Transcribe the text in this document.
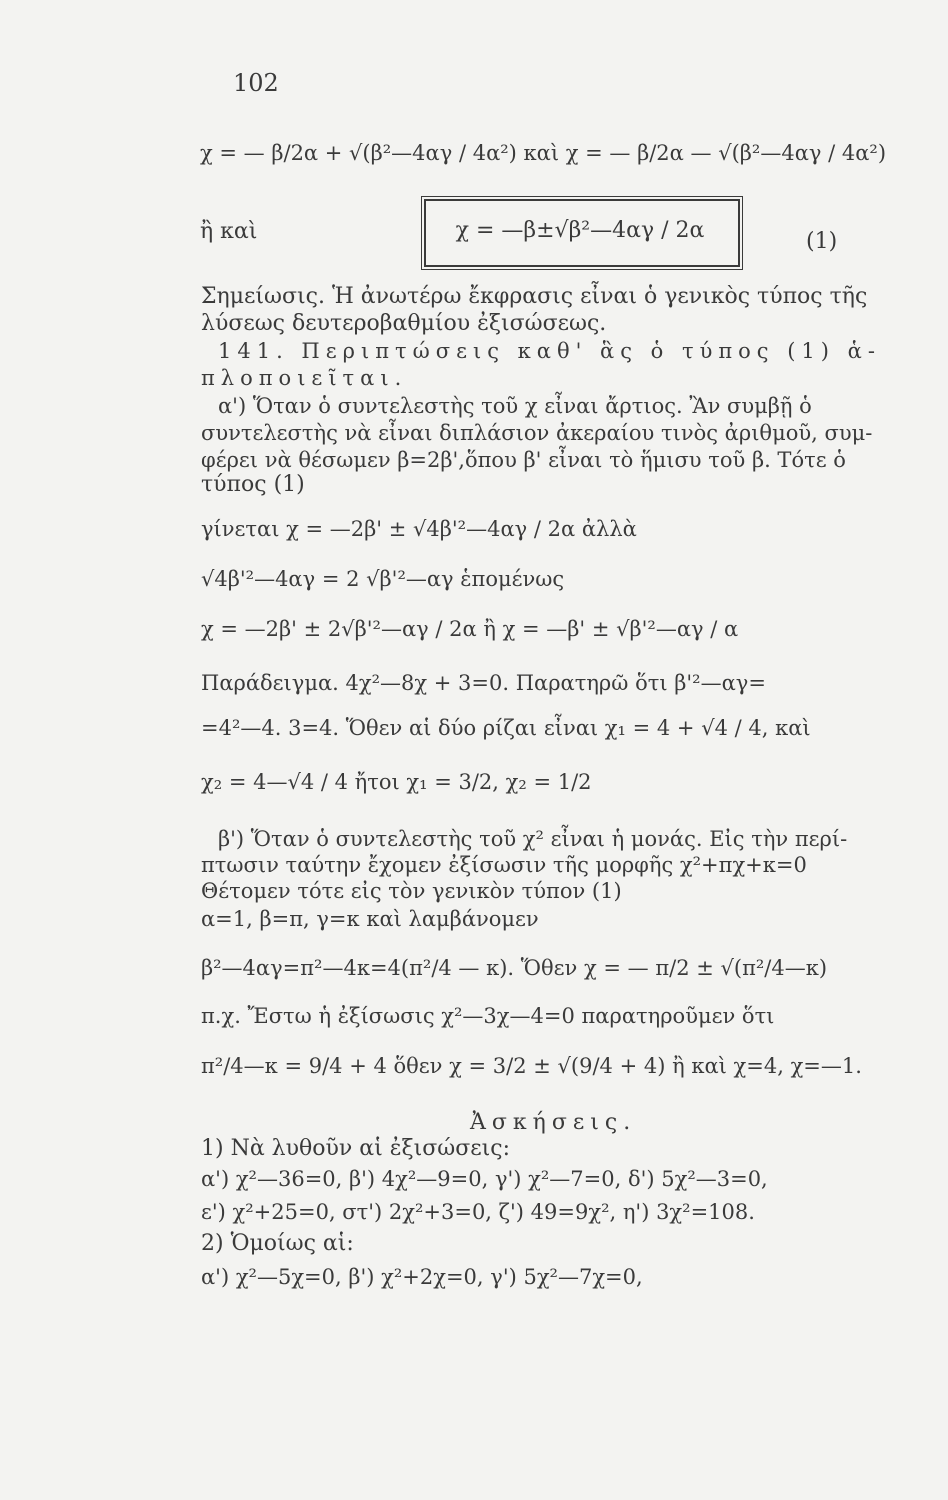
102
χ = — β/2α + √(β²—4αγ / 4α²) καὶ χ = — β/2α — √(β²—4αγ / 4α²)
ἢ καὶ	χ = —β±√β²—4αγ / 2α	(1)
Σημείωσις. Ἡ ἀνωτέρω ἔκφρασις εἶναι ὁ γενικὸς τύπος τῆς
λύσεως δευτεροβαθμίου ἐξισώσεως.
141. Περιπτώσεις καθ' ἃς ὁ τύπος (1) ἁ-
πλοποιεῖται.
α') Ὅταν ὁ συντελεστὴς τοῦ χ εἶναι ἄρτιος. Ἂν συμβῇ ὁ
συντελεστὴς νὰ εἶναι διπλάσιον ἀκεραίου τινὸς ἀριθμοῦ, συμ-
φέρει νὰ θέσωμεν β=2β',ὅπου β' εἶναι τὸ ἥμισυ τοῦ β. Τότε ὁ
τύπος (1)
γίνεται χ = —2β' ± √4β'²—4αγ / 2α ἀλλὰ
√4β'²—4αγ = 2 √β'²—αγ ἑπομένως
χ = —2β' ± 2√β'²—αγ / 2α ἢ χ = —β' ± √β'²—αγ / α
Παράδειγμα. 4χ²—8χ + 3=0. Παρατηρῶ ὅτι β'²—αγ=
=4²—4. 3=4. Ὅθεν αἱ δύο ρίζαι εἶναι χ₁ = 4 + √4 / 4, καὶ
χ₂ = 4—√4 / 4 ἤτοι χ₁ = 3/2, χ₂ = 1/2
β') Ὅταν ὁ συντελεστὴς τοῦ χ² εἶναι ἡ μονάς. Εἰς τὴν περί-
πτωσιν ταύτην ἔχομεν ἐξίσωσιν τῆς μορφῆς χ²+πχ+κ=0
Θέτομεν τότε εἰς τὸν γενικὸν τύπον (1)
α=1, β=π, γ=κ καὶ λαμβάνομεν
β²—4αγ=π²—4κ=4(π²/4 — κ). Ὅθεν χ = — π/2 ± √(π²/4—κ)
π.χ. Ἔστω ἡ ἐξίσωσις χ²—3χ—4=0 παρατηροῦμεν ὅτι
π²/4—κ = 9/4 + 4 ὅθεν χ = 3/2 ± √(9/4 + 4) ἢ καὶ χ=4, χ=—1.
Ἀσκήσεις.
1) Νὰ λυθοῦν αἱ ἐξισώσεις:
α') χ²—36=0, β') 4χ²—9=0, γ') χ²—7=0, δ') 5χ²—3=0,
ε') χ²+25=0, στ') 2χ²+3=0, ζ') 49=9χ², η') 3χ²=108.
2) Ὁμοίως αἱ:
α') χ²—5χ=0, β') χ²+2χ=0, γ') 5χ²—7χ=0,
